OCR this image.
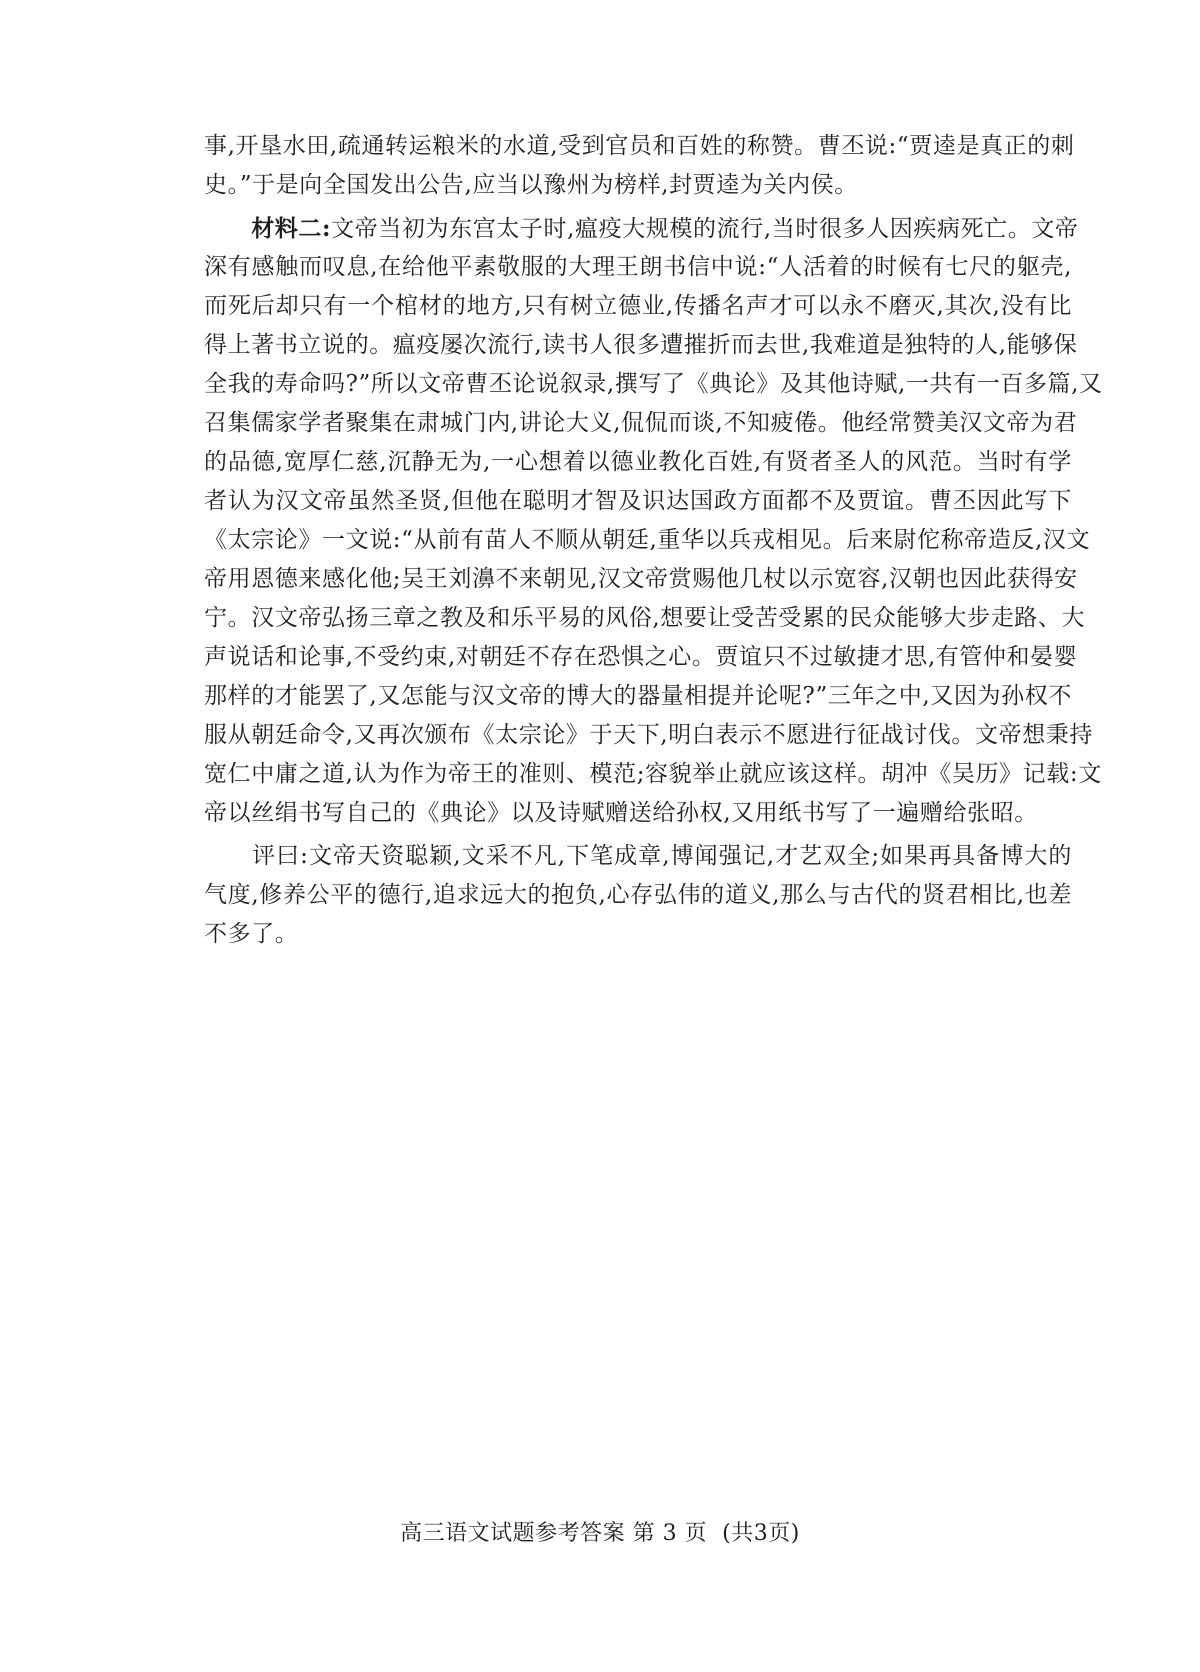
事,开垦水田,疏通转运粮米的水道,受到官员和百姓的称赞。曹丕说:“贾逵是真正的刺
史。”于是向全国发出公告,应当以豫州为榜样,封贾逵为关内侯。
　　材料二:文帝当初为东宫太子时,瘟疫大规模的流行,当时很多人因疾病死亡。文帝
深有感触而叹息,在给他平素敬服的大理王朗书信中说:“人活着的时候有七尺的躯壳,
而死后却只有一个棺材的地方,只有树立德业,传播名声才可以永不磨灭,其次,没有比
得上著书立说的。瘟疫屡次流行,读书人很多遭摧折而去世,我难道是独特的人,能够保
全我的寿命吗?”所以文帝曹丕论说叙录,撰写了《典论》及其他诗赋,一共有一百多篇,又
召集儒家学者聚集在肃城门内,讲论大义,侃侃而谈,不知疲倦。他经常赞美汉文帝为君
的品德,宽厚仁慈,沉静无为,一心想着以德业教化百姓,有贤者圣人的风范。当时有学
者认为汉文帝虽然圣贤,但他在聪明才智及识达国政方面都不及贾谊。曹丕因此写下
《太宗论》一文说:“从前有苗人不顺从朝廷,重华以兵戎相见。后来尉佗称帝造反,汉文
帝用恩德来感化他;吴王刘濞不来朝见,汉文帝赏赐他几杖以示宽容,汉朝也因此获得安
宁。汉文帝弘扬三章之教及和乐平易的风俗,想要让受苦受累的民众能够大步走路、大
声说话和论事,不受约束,对朝廷不存在恐惧之心。贾谊只不过敏捷才思,有管仲和晏婴
那样的才能罢了,又怎能与汉文帝的博大的器量相提并论呢?”三年之中,又因为孙权不
服从朝廷命令,又再次颁布《太宗论》于天下,明白表示不愿进行征战讨伐。文帝想秉持
宽仁中庸之道,认为作为帝王的准则、模范;容貌举止就应该这样。胡冲《吴历》记载:文
帝以丝绢书写自己的《典论》以及诗赋赠送给孙权,又用纸书写了一遍赠给张昭。
　　评曰:文帝天资聪颖,文采不凡,下笔成章,博闻强记,才艺双全;如果再具备博大的
气度,修养公平的德行,追求远大的抱负,心存弘伟的道义,那么与古代的贤君相比,也差
不多了。
高三语文试题参考答案 第 3 页 (共3页)
